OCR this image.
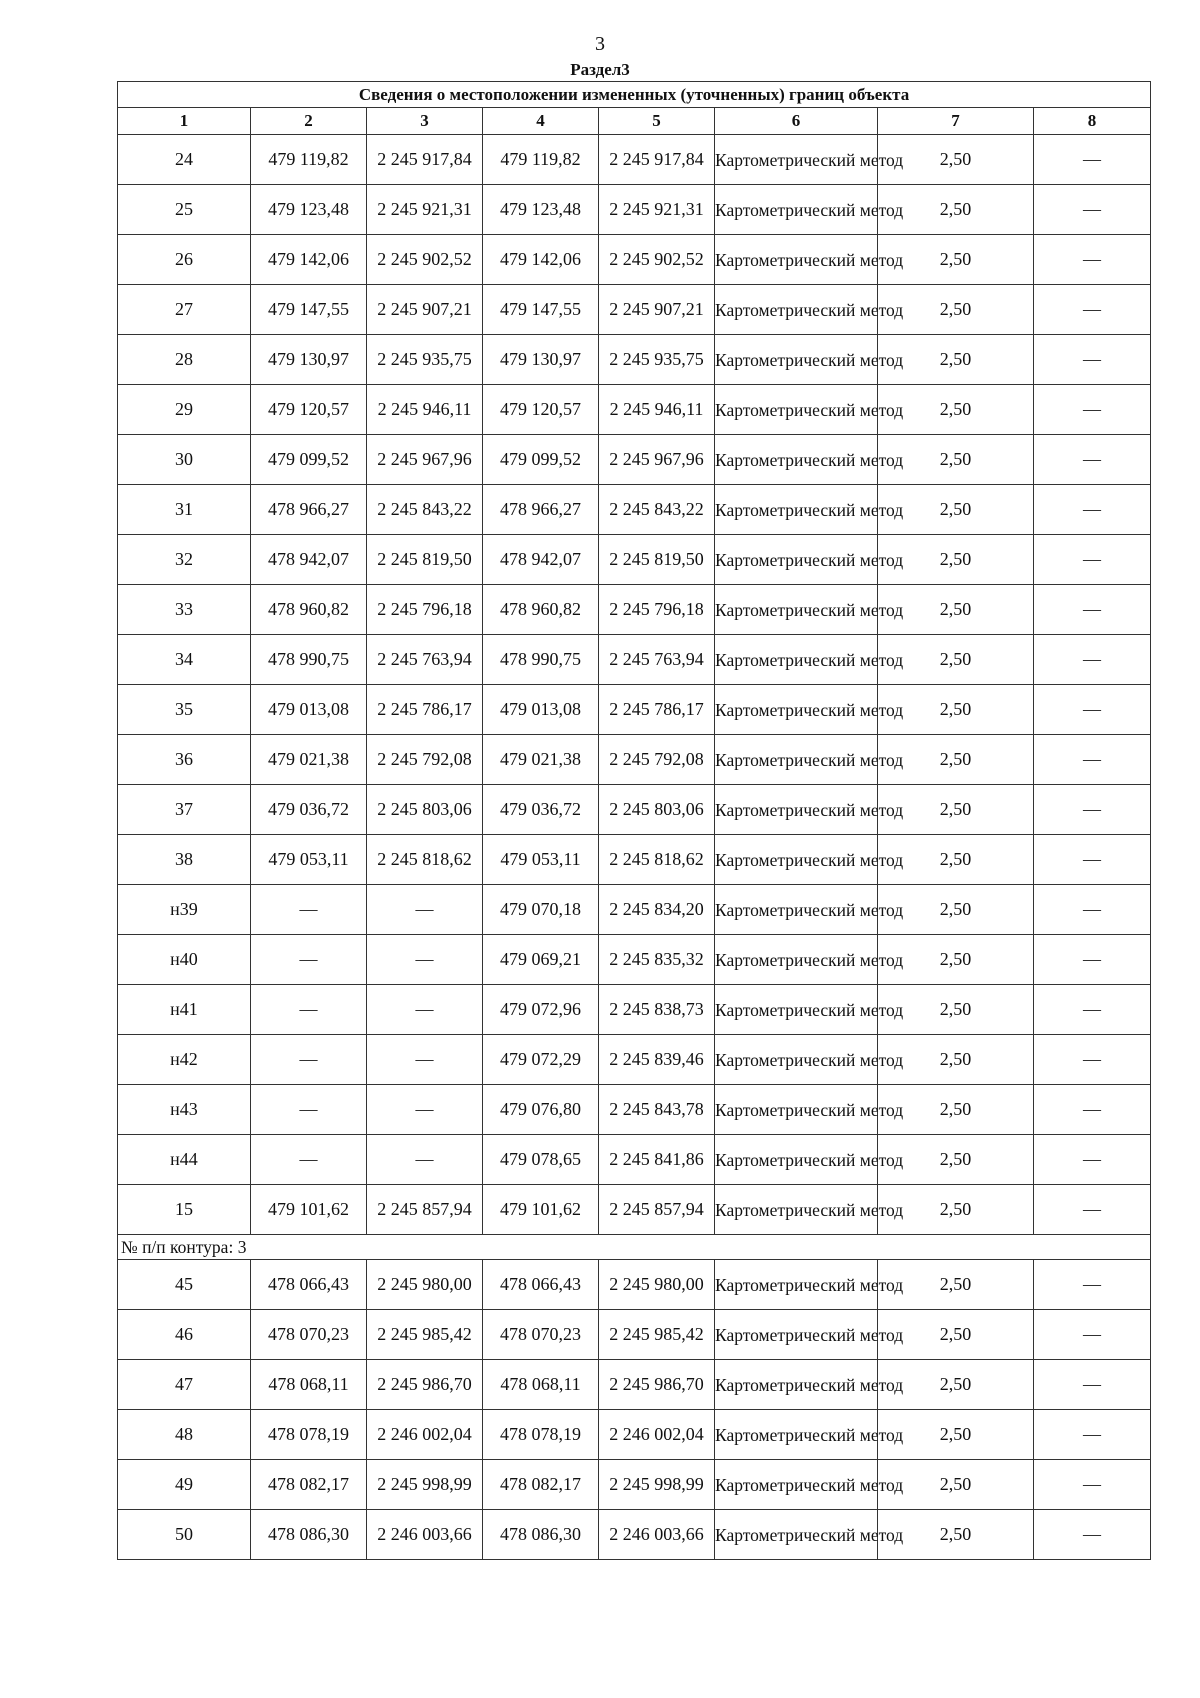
3
Раздел3
Сведения о местоположении измененных (уточненных) границ объекта							
1	2	3	4	5	6	7	8
24	479 119,82	2 245 917,84	479 119,82	2 245 917,84	Картометрический метод	2,50	—
25	479 123,48	2 245 921,31	479 123,48	2 245 921,31	Картометрический метод	2,50	—
26	479 142,06	2 245 902,52	479 142,06	2 245 902,52	Картометрический метод	2,50	—
27	479 147,55	2 245 907,21	479 147,55	2 245 907,21	Картометрический метод	2,50	—
28	479 130,97	2 245 935,75	479 130,97	2 245 935,75	Картометрический метод	2,50	—
29	479 120,57	2 245 946,11	479 120,57	2 245 946,11	Картометрический метод	2,50	—
30	479 099,52	2 245 967,96	479 099,52	2 245 967,96	Картометрический метод	2,50	—
31	478 966,27	2 245 843,22	478 966,27	2 245 843,22	Картометрический метод	2,50	—
32	478 942,07	2 245 819,50	478 942,07	2 245 819,50	Картометрический метод	2,50	—
33	478 960,82	2 245 796,18	478 960,82	2 245 796,18	Картометрический метод	2,50	—
34	478 990,75	2 245 763,94	478 990,75	2 245 763,94	Картометрический метод	2,50	—
35	479 013,08	2 245 786,17	479 013,08	2 245 786,17	Картометрический метод	2,50	—
36	479 021,38	2 245 792,08	479 021,38	2 245 792,08	Картометрический метод	2,50	—
37	479 036,72	2 245 803,06	479 036,72	2 245 803,06	Картометрический метод	2,50	—
38	479 053,11	2 245 818,62	479 053,11	2 245 818,62	Картометрический метод	2,50	—
н39	—	—	479 070,18	2 245 834,20	Картометрический метод	2,50	—
н40	—	—	479 069,21	2 245 835,32	Картометрический метод	2,50	—
н41	—	—	479 072,96	2 245 838,73	Картометрический метод	2,50	—
н42	—	—	479 072,29	2 245 839,46	Картометрический метод	2,50	—
н43	—	—	479 076,80	2 245 843,78	Картометрический метод	2,50	—
н44	—	—	479 078,65	2 245 841,86	Картометрический метод	2,50	—
15	479 101,62	2 245 857,94	479 101,62	2 245 857,94	Картометрический метод	2,50	—
№ п/п контура: 3							
45	478 066,43	2 245 980,00	478 066,43	2 245 980,00	Картометрический метод	2,50	—
46	478 070,23	2 245 985,42	478 070,23	2 245 985,42	Картометрический метод	2,50	—
47	478 068,11	2 245 986,70	478 068,11	2 245 986,70	Картометрический метод	2,50	—
48	478 078,19	2 246 002,04	478 078,19	2 246 002,04	Картометрический метод	2,50	—
49	478 082,17	2 245 998,99	478 082,17	2 245 998,99	Картометрический метод	2,50	—
50	478 086,30	2 246 003,66	478 086,30	2 246 003,66	Картометрический метод	2,50	—
